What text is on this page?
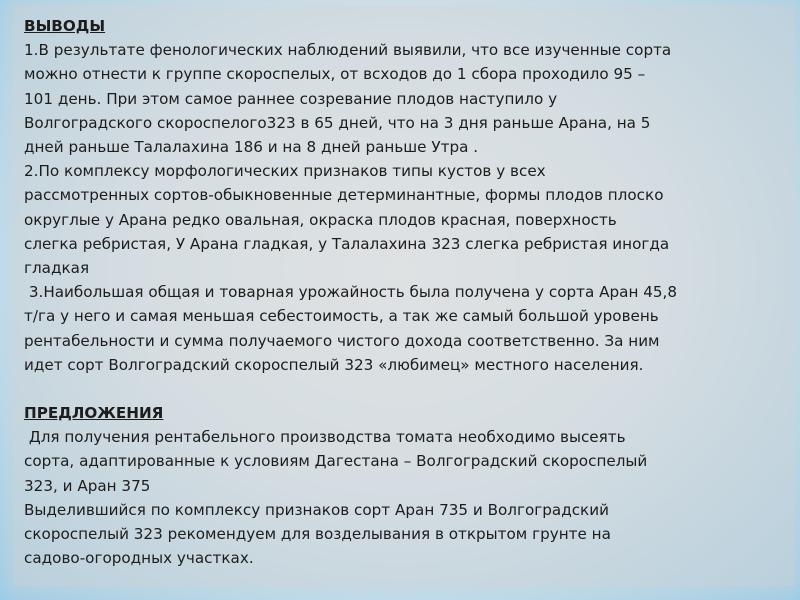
ВЫВОДЫ
1.В результате фенологических наблюдений выявили, что все изученные сорта
можно отнести к группе скороспелых, от всходов до 1 сбора проходило 95 –
101 день. При этом самое раннее созревание плодов наступило у
Волгоградского скороспелого323 в 65 дней, что на 3 дня раньше Арана, на 5
дней раньше Талалахина 186 и на 8 дней раньше Утра .
2.По комплексу морфологических признаков типы кустов у всех
рассмотренных сортов-обыкновенные детерминантные, формы плодов плоско
округлые у Арана редко овальная, окраска плодов красная, поверхность
слегка ребристая, У Арана гладкая, у Талалахина 323 слегка ребристая иногда
гладкая
3.Наибольшая общая и товарная урожайность была получена у сорта Аран 45,8
т/га у него и самая меньшая себестоимость, а так же самый большой уровень
рентабельности и сумма получаемого чистого дохода соответственно. За ним
идет сорт Волгоградский скороспелый 323 «любимец» местного населения.
ПРЕДЛОЖЕНИЯ
Для получения рентабельного производства томата необходимо высеять
сорта, адаптированные к условиям Дагестана – Волгоградский скороспелый
323, и Аран 375
Выделившийся по комплексу признаков сорт Аран 735 и Волгоградский
скороспелый 323 рекомендуем для возделывания в открытом грунте на
садово-огородных участках.
